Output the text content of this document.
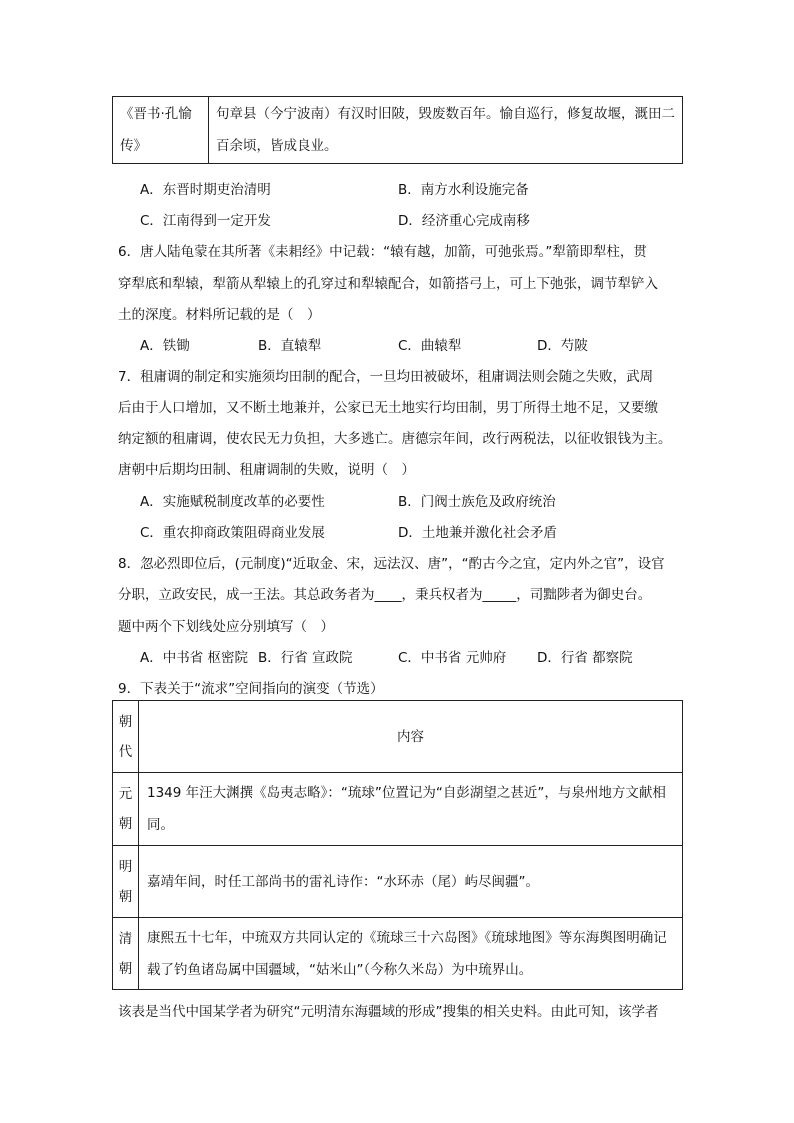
《晋书·孔愉传》	句章县（今宁波南）有汉时旧陂，毁废数百年。愉自巡行，修复故堰，溉田二百余顷，皆成良业。
A．东晋时期吏治清明	B．南方水利设施完备
C．江南得到一定开发	D．经济重心完成南移
6．唐人陆龟蒙在其所著《耒耜经》中记载：“辕有越，加箭，可弛张焉。”犁箭即犁柱，贯
穿犁底和犁辕，犁箭从犁辕上的孔穿过和犁辕配合，如箭搭弓上，可上下弛张，调节犁铲入
土的深度。材料所记载的是（　）
A．铁锄	B．直辕犁	C．曲辕犁	D．芍陂
7．租庸调的制定和实施须均田制的配合，一旦均田被破坏，租庸调法则会随之失败，武周
后由于人口增加，又不断土地兼并，公家已无土地实行均田制，男丁所得土地不足，又要缴
纳定额的租庸调，使农民无力负担，大多逃亡。唐德宗年间，改行两税法，以征收银钱为主。
唐朝中后期均田制、租庸调制的失败，说明（　）
A．实施赋税制度改革的必要性	B．门阀士族危及政府统治
C．重农抑商政策阻碍商业发展	D．土地兼并激化社会矛盾
8．忽必烈即位后，(元制度)“近取金、宋，远法汉、唐”，“酌古今之宜，定内外之官”，设官
分职，立政安民，成一王法。其总政务者为____，秉兵权者为_____，司黜陟者为御史台。
题中两个下划线处应分别填写（　）
A．中书省 枢密院 B．行省 宣政院	C．中书省 元帅府 D．行省 都察院
9．下表关于“流求”空间指向的演变（节选）
朝代	内容
元朝	1349 年汪大渊撰《岛夷志略》：“琉球”位置记为“自彭湖望之甚近”，与泉州地方文献相同。
明朝	嘉靖年间，时任工部尚书的雷礼诗作：“水环赤（尾）屿尽闽疆”。
清朝	康熙五十七年，中琉双方共同认定的《琉球三十六岛图》《琉球地图》等东海舆图明确记载了钓鱼诸岛属中国疆域，“姑米山”（今称久米岛）为中琉界山。
该表是当代中国某学者为研究“元明清东海疆域的形成”搜集的相关史料。由此可知，该学者
